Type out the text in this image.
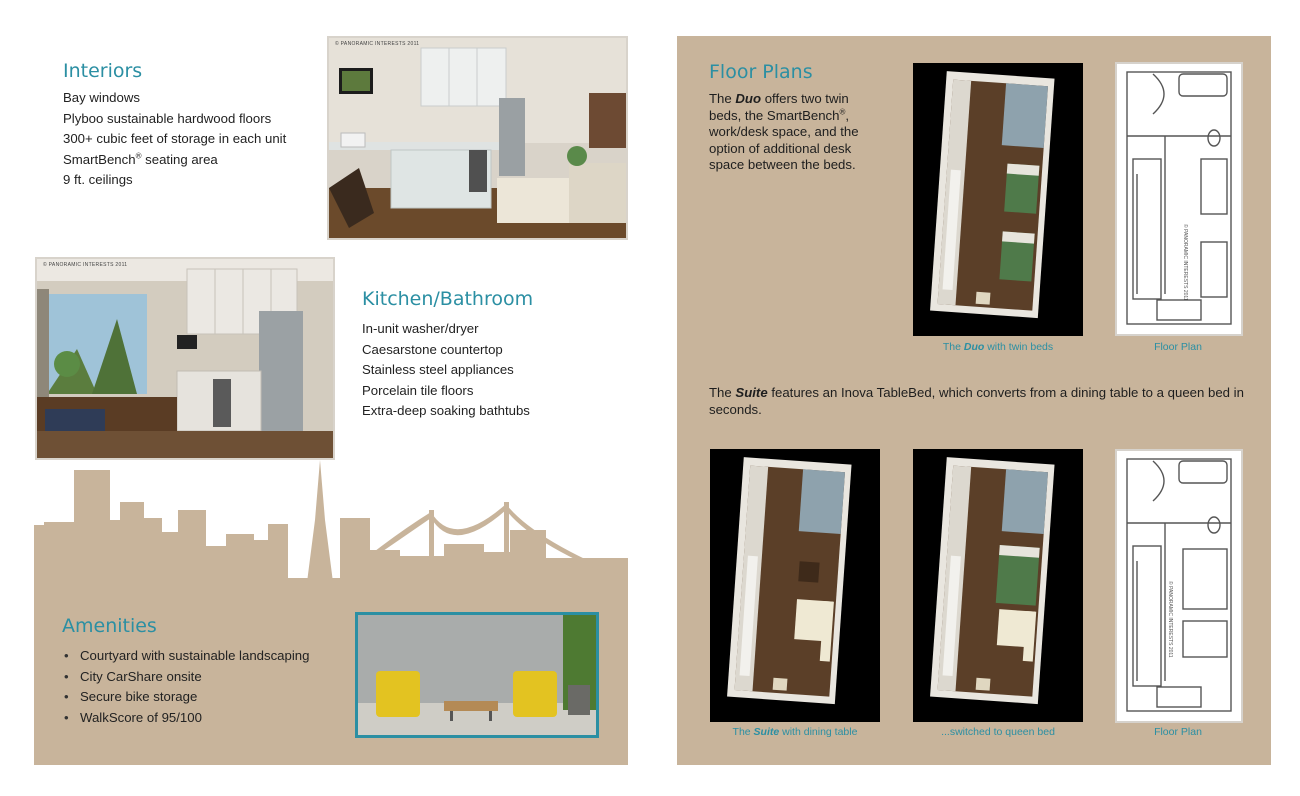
Interiors
Bay windows
Plyboo sustainable hardwood floors
300+ cubic feet of storage in each unit
SmartBench® seating area
9 ft. ceilings
© PANORAMIC INTERESTS 2011
© PANORAMIC INTERESTS 2011
Kitchen/Bathroom
In-unit washer/dryer
Caesarstone countertop
Stainless steel appliances
Porcelain tile floors
Extra-deep soaking bathtubs
Amenities
• Courtyard with sustainable landscaping
• City CarShare onsite
• Secure bike storage
• WalkScore of 95/100
Floor Plans
The Duo offers two twin beds, the SmartBench®, work/desk space, and the option of additional desk space between the beds.
© PANORAMIC INTERESTS 2011
The Duo with twin beds	Floor Plan
The Suite features an Inova TableBed, which converts from a dining table to a queen bed in seconds.
© PANORAMIC INTERESTS 2011
The Suite with dining table	...switched to queen bed	Floor Plan
